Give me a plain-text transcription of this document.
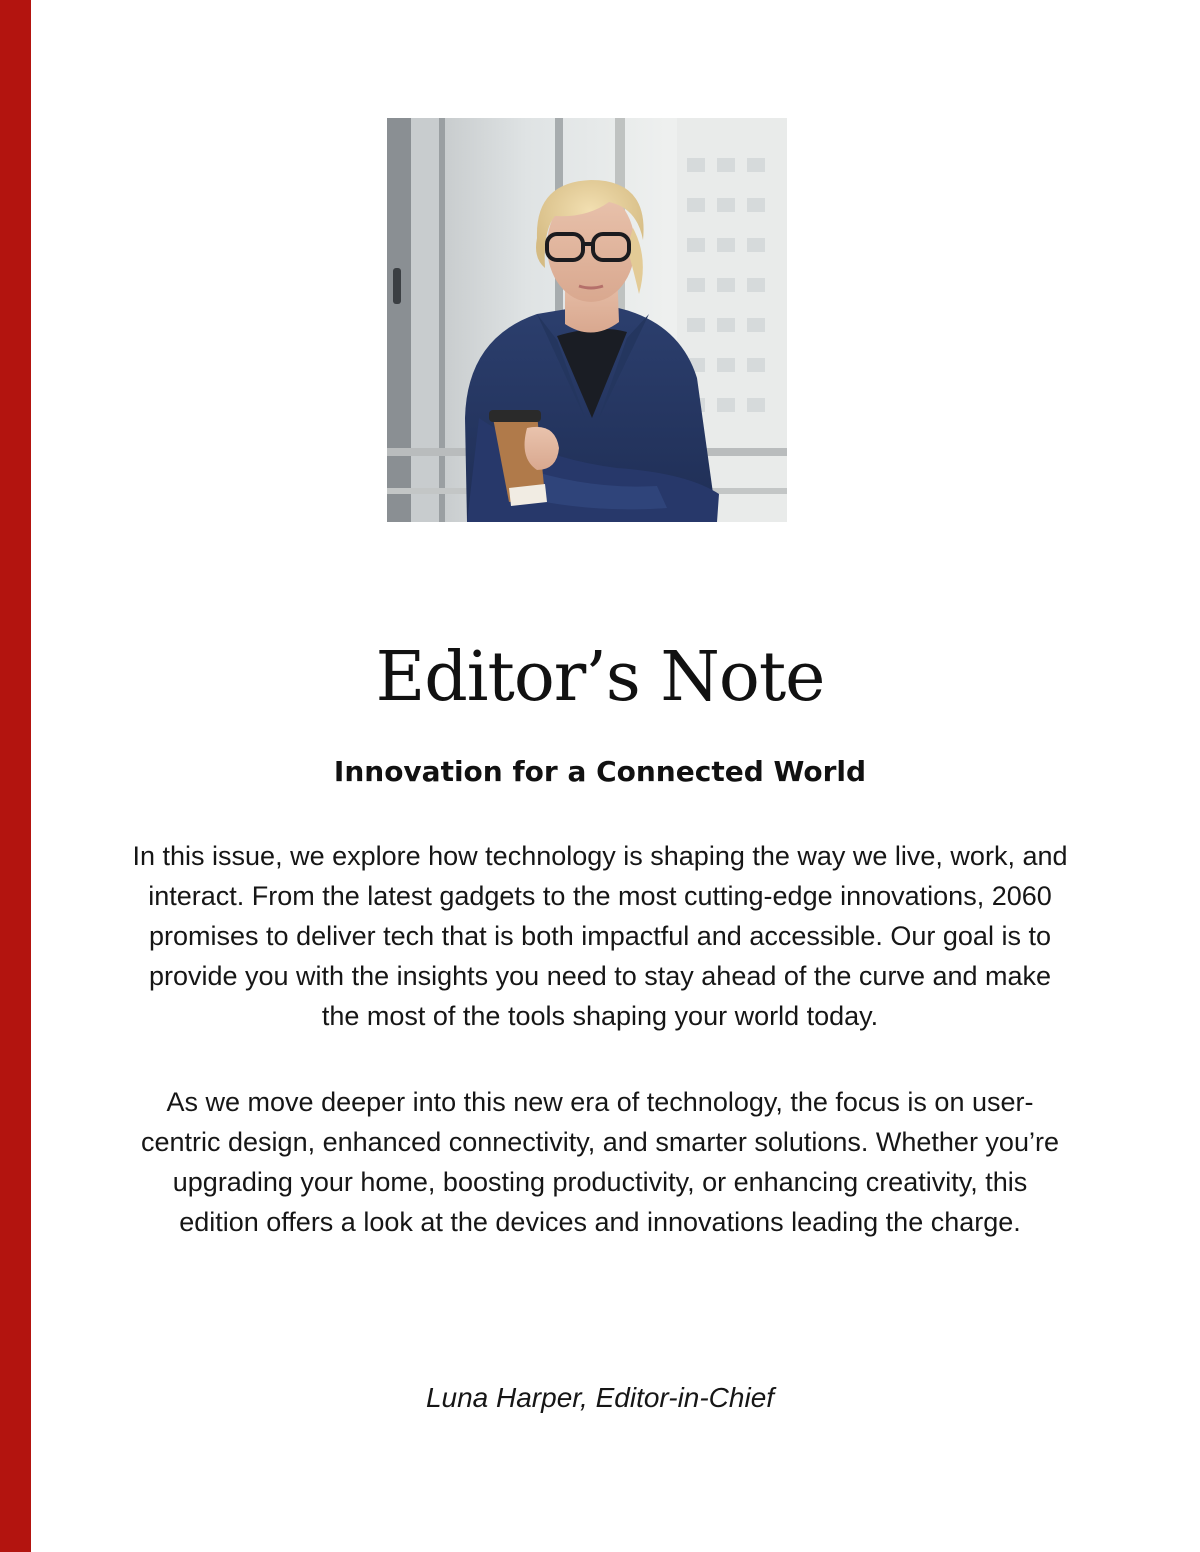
Editor’s Note
Innovation for a Connected World

In this issue, we explore how technology is shaping the way we live, work, and interact. From the latest gadgets to the most cutting-edge innovations, 2060 promises to deliver tech that is both impactful and accessible. Our goal is to provide you with the insights you need to stay ahead of the curve and make the most of the tools shaping your world today.

As we move deeper into this new era of technology, the focus is on user-centric design, enhanced connectivity, and smarter solutions. Whether you’re upgrading your home, boosting productivity, or enhancing creativity, this edition offers a look at the devices and innovations leading the charge.

Luna Harper, Editor-in-Chief
